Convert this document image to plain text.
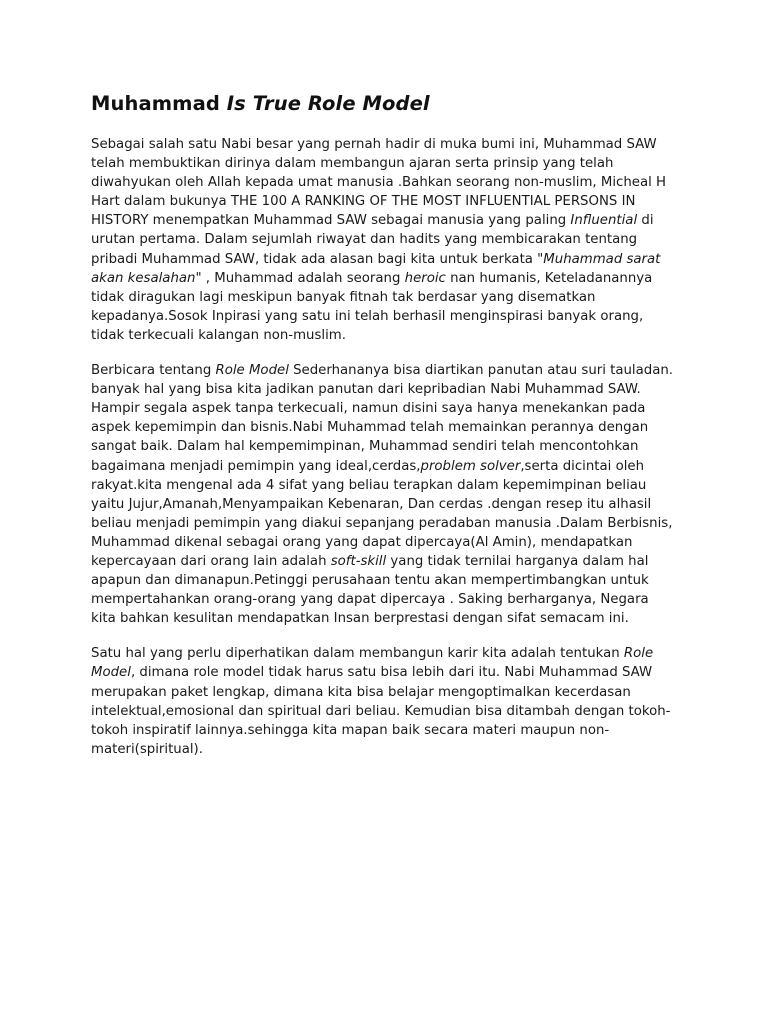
Muhammad Is True Role Model

Sebagai salah satu Nabi besar yang pernah hadir di muka bumi ini, Muhammad SAW telah membuktikan dirinya dalam membangun ajaran serta prinsip yang telah diwahyukan oleh Allah kepada umat manusia .Bahkan seorang non-muslim, Micheal H Hart dalam bukunya THE 100 A RANKING OF THE MOST INFLUENTIAL PERSONS IN HISTORY menempatkan Muhammad SAW sebagai manusia yang paling Influential di urutan pertama. Dalam sejumlah riwayat dan hadits yang membicarakan tentang pribadi Muhammad SAW, tidak ada alasan bagi kita untuk berkata "Muhammad sarat akan kesalahan" , Muhammad adalah seorang heroic nan humanis, Keteladanannya tidak diragukan lagi meskipun banyak fitnah tak berdasar yang disematkan kepadanya.Sosok Inpirasi yang satu ini telah berhasil menginspirasi banyak orang, tidak terkecuali kalangan non-muslim.

Berbicara tentang Role Model Sederhananya bisa diartikan panutan atau suri tauladan. banyak hal yang bisa kita jadikan panutan dari kepribadian Nabi Muhammad SAW. Hampir segala aspek tanpa terkecuali, namun disini saya hanya menekankan pada aspek kepemimpin dan bisnis.Nabi Muhammad telah memainkan perannya dengan sangat baik. Dalam hal kempemimpinan, Muhammad sendiri telah mencontohkan bagaimana menjadi pemimpin yang ideal,cerdas,problem solver,serta dicintai oleh rakyat.kita mengenal ada 4 sifat yang beliau terapkan dalam kepemimpinan beliau yaitu Jujur,Amanah,Menyampaikan Kebenaran, Dan cerdas .dengan resep itu alhasil beliau menjadi pemimpin yang diakui sepanjang peradaban manusia .Dalam Berbisnis, Muhammad dikenal sebagai orang yang dapat dipercaya(Al Amin), mendapatkan kepercayaan dari orang lain adalah soft-skill yang tidak ternilai harganya dalam hal apapun dan dimanapun.Petinggi perusahaan tentu akan mempertimbangkan untuk mempertahankan orang-orang yang dapat dipercaya . Saking berharganya, Negara kita bahkan kesulitan mendapatkan Insan berprestasi dengan sifat semacam ini.

Satu hal yang perlu diperhatikan dalam membangun karir kita adalah tentukan Role Model, dimana role model tidak harus satu bisa lebih dari itu. Nabi Muhammad SAW merupakan paket lengkap, dimana kita bisa belajar mengoptimalkan kecerdasan intelektual,emosional dan spiritual dari beliau. Kemudian bisa ditambah dengan tokoh-tokoh inspiratif lainnya.sehingga kita mapan baik secara materi maupun non-materi(spiritual).
